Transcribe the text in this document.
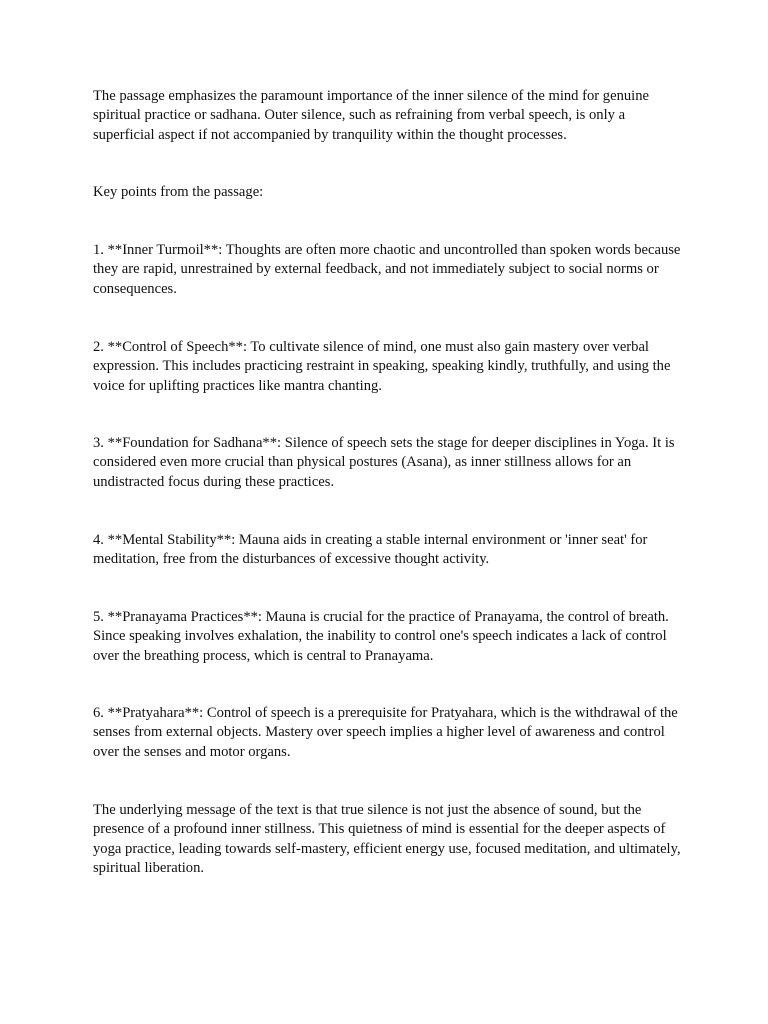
The passage emphasizes the paramount importance of the inner silence of the mind for genuine spiritual practice or sadhana. Outer silence, such as refraining from verbal speech, is only a superficial aspect if not accompanied by tranquility within the thought processes.

Key points from the passage:

1. **Inner Turmoil**: Thoughts are often more chaotic and uncontrolled than spoken words because they are rapid, unrestrained by external feedback, and not immediately subject to social norms or consequences.

2. **Control of Speech**: To cultivate silence of mind, one must also gain mastery over verbal expression. This includes practicing restraint in speaking, speaking kindly, truthfully, and using the voice for uplifting practices like mantra chanting.

3. **Foundation for Sadhana**: Silence of speech sets the stage for deeper disciplines in Yoga. It is considered even more crucial than physical postures (Asana), as inner stillness allows for an undistracted focus during these practices.

4. **Mental Stability**: Mauna aids in creating a stable internal environment or 'inner seat' for meditation, free from the disturbances of excessive thought activity.

5. **Pranayama Practices**: Mauna is crucial for the practice of Pranayama, the control of breath. Since speaking involves exhalation, the inability to control one's speech indicates a lack of control over the breathing process, which is central to Pranayama.

6. **Pratyahara**: Control of speech is a prerequisite for Pratyahara, which is the withdrawal of the senses from external objects. Mastery over speech implies a higher level of awareness and control over the senses and motor organs.

The underlying message of the text is that true silence is not just the absence of sound, but the presence of a profound inner stillness. This quietness of mind is essential for the deeper aspects of yoga practice, leading towards self-mastery, efficient energy use, focused meditation, and ultimately, spiritual liberation.
